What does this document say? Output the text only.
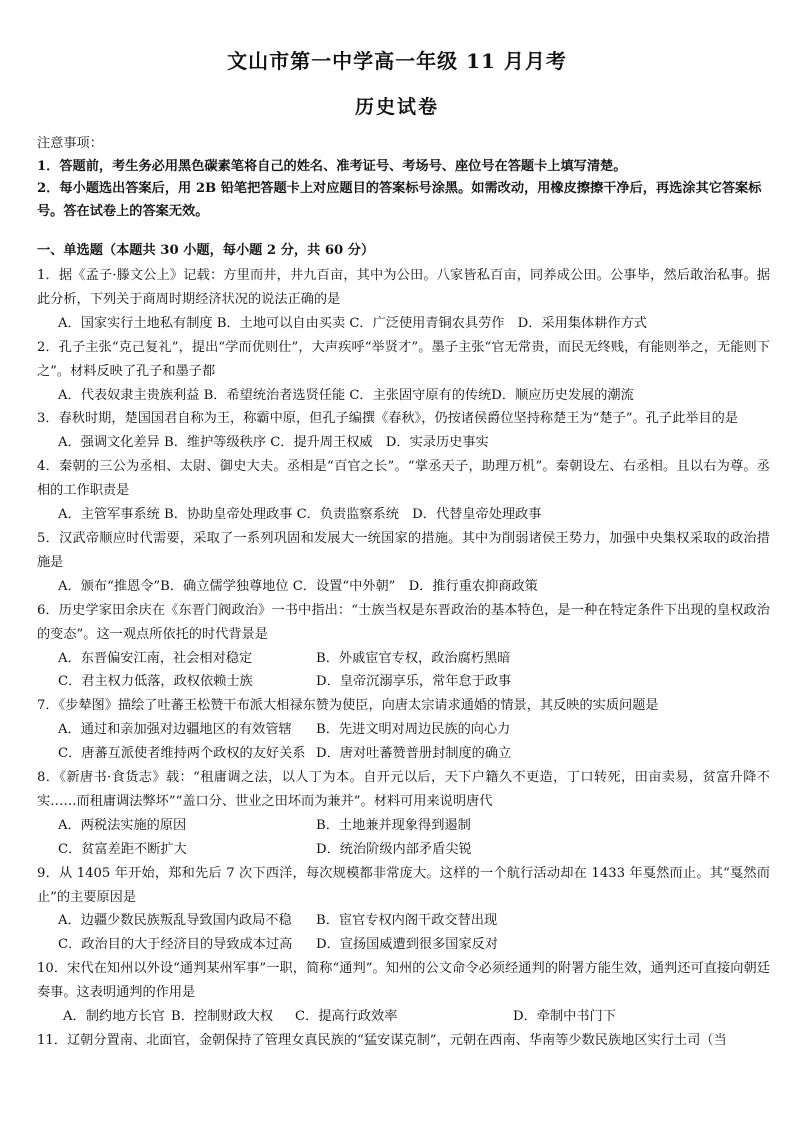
文山市第一中学高一年级 11 月月考
历史试卷

注意事项：

1．答题前，考生务必用黑色碳素笔将自己的姓名、准考证号、考场号、座位号在答题卡上填写清楚。

2．每小题选出答案后，用 2B 铅笔把答题卡上对应题目的答案标号涂黑。如需改动，用橡皮擦擦干净后，再选涂其它答案标号。答在试卷上的答案无效。

一、单选题（本题共 30 小题，每小题 2 分，共 60 分）

1．据《孟子·滕文公上》记载：方里而井，井九百亩，其中为公田。八家皆私百亩，同养成公田。公事毕，然后敢治私事。据此分析，下列关于商周时期经济状况的说法正确的是

A．国家实行土地私有制度 B．土地可以自由买卖 C．广泛使用青铜农具劳作　D．采用集体耕作方式

2．孔子主张“克己复礼”，提出“学而优则仕”，大声疾呼“举贤才”。墨子主张“官无常贵，而民无终贱，有能则举之，无能则下之”。材料反映了孔子和墨子都

A．代表奴隶主贵族利益 B．希望统治者选贤任能 C．主张固守原有的传统D．顺应历史发展的潮流

3．春秋时期，楚国国君自称为王，称霸中原，但孔子编撰《春秋》，仍按诸侯爵位坚持称楚王为“楚子”。孔子此举目的是

A．强调文化差异 B．维护等级秩序 C．提升周王权威　D．实录历史事实

4．秦朝的三公为丞相、太尉、御史大夫。丞相是“百官之长”。“掌丞天子，助理万机”。秦朝设左、右丞相。且以右为尊。丞相的工作职责是

A．主管军事系统 B．协助皇帝处理政事 C．负责监察系统　D．代替皇帝处理政事

5．汉武帝顺应时代需要，采取了一系列巩固和发展大一统国家的措施。其中为削弱诸侯王势力，加强中央集权采取的政治措施是

A．颁布“推恩令”B．确立儒学独尊地位 C．设置“中外朝”　D．推行重农抑商政策

6．历史学家田余庆在《东晋门阀政治》一书中指出：“士族当权是东晋政治的基本特色，是一种在特定条件下出现的皇权政治的变态”。这一观点所依托的时代背景是

A．东晋偏安江南，社会相对稳定	B．外戚宦官专权，政治腐朽黑暗
C．君主权力低落，政权依赖士族	D．皇帝沉溺享乐，常年怠于政事

7．《步辇图》描绘了吐蕃王松赞干布派大相禄东赞为使臣，向唐太宗请求通婚的情景，其反映的实质问题是

A．通过和亲加强对边疆地区的有效管辖	B．先进文明对周边民族的向心力
C．唐蕃互派使者维持两个政权的友好关系 D．唐对吐蕃赞普册封制度的确立

8．《新唐书·食货志》载：“租庸调之法，以人丁为本。自开元以后，天下户籍久不更造，丁口转死，田亩卖易，贫富升降不实……而租庸调法弊坏”“盖口分、世业之田坏而为兼并”。材料可用来说明唐代

A．两税法实施的原因	B．土地兼并现象得到遏制
C．贫富差距不断扩大	D．统治阶级内部矛盾尖锐

9．从 1405 年开始，郑和先后 7 次下西洋，每次规模都非常庞大。这样的一个航行活动却在 1433 年戛然而止。其“戛然而止”的主要原因是

A．边疆少数民族叛乱导致国内政局不稳	B．宦官专权内阁干政交替出现
C．政治目的大于经济目的导致成本过高	D．宣扬国威遭到很多国家反对

10．宋代在知州以外设“通判某州军事”一职，简称“通判”。知州的公文命令必须经通判的附署方能生效，通判还可直接向朝廷奏事。这表明通判的作用是

A．制约地方长官 B．控制财政大权	C．提高行政效率	D．牵制中书门下

11．辽朝分置南、北面官，金朝保持了管理女真民族的“猛安谋克制”，元朝在西南、华南等少数民族地区实行土司（当
